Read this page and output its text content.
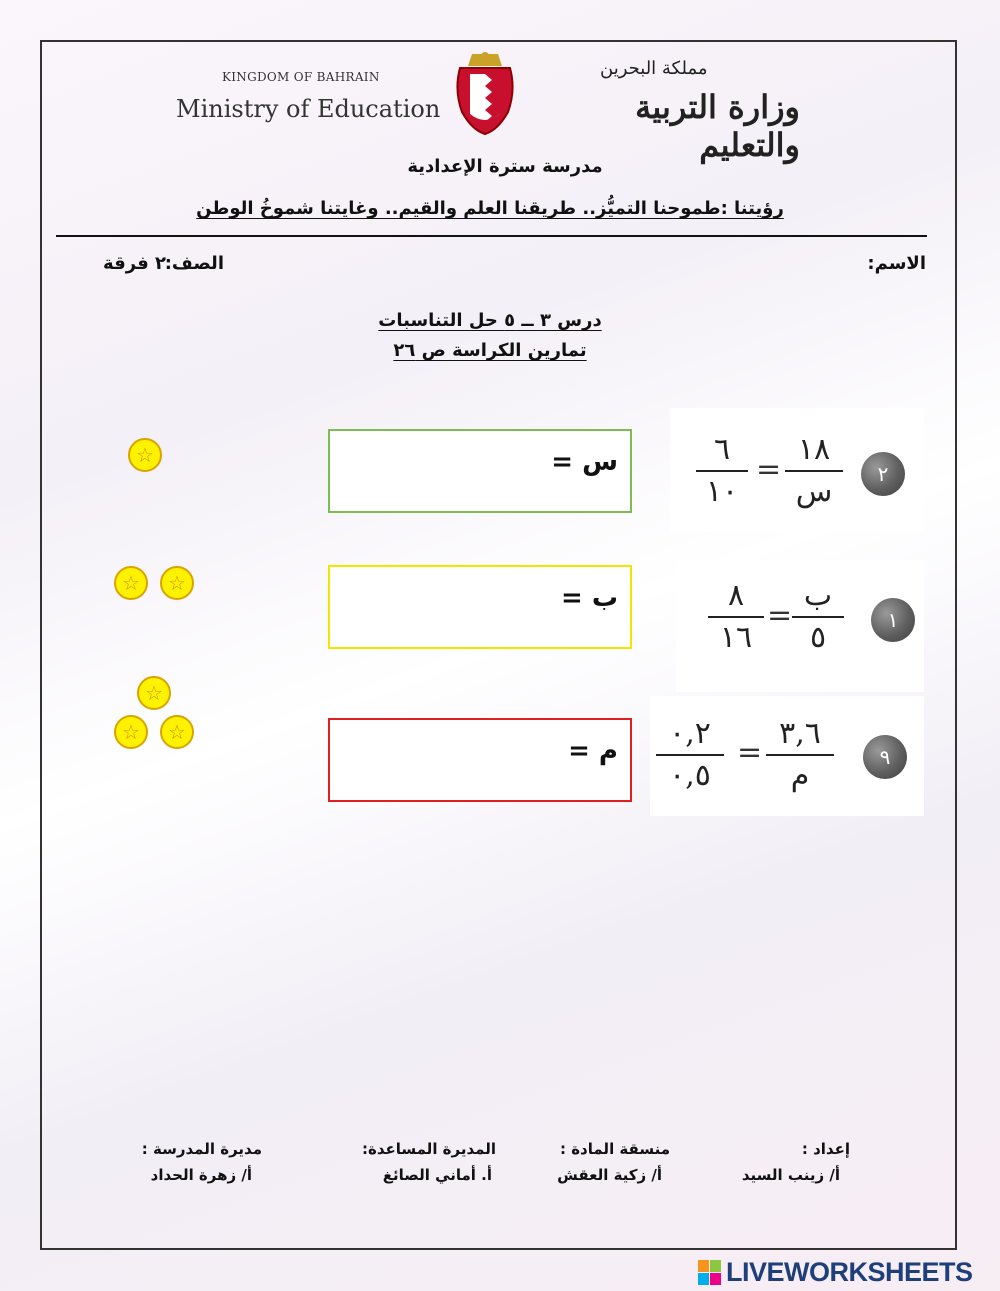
KINGDOM OF BAHRAIN
Ministry of Education
مملكة البحرين
وزارة التربية والتعليم
مدرسة سترة الإعدادية
رؤيتنا :طموحنا التميُّز.. طريقنا العلم والقيم.. وغايتنا شموخُ الوطن
الاسم:
الصف:
٢ فرقة
درس ٣ ــ ٥ حل التناسبات
تمارين الكراسة ص ٢٦
٢
١٨
س
=
٦
١٠
س =
☆
١
ب
٥
=
٨
١٦
ب =
☆	☆
٩
٣,٦
م
=
٠,٢
٠,٥
م =
☆
☆	☆
إعداد :
أ/ زينب السيد
منسقة المادة :
أ/ زكية العقش
المديرة المساعدة:
أ. أماني الصائغ
مديرة المدرسة :
أ/ زهرة الحداد
LIVEWORKSHEETS
